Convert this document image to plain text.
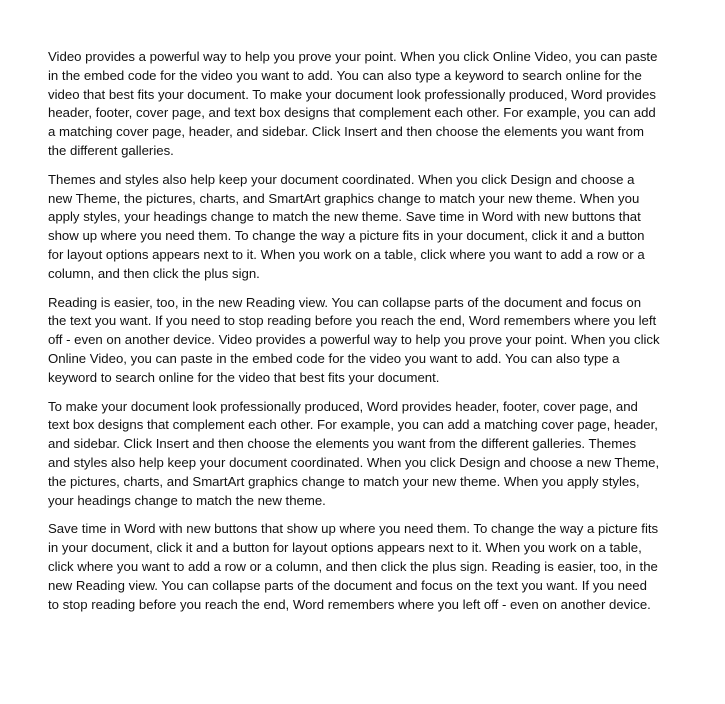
Video provides a powerful way to help you prove your point. When you click Online Video, you can paste in the embed code for the video you want to add. You can also type a keyword to search online for the video that best fits your document. To make your document look professionally produced, Word provides header, footer, cover page, and text box designs that complement each other. For example, you can add a matching cover page, header, and sidebar. Click Insert and then choose the elements you want from the different galleries.

Themes and styles also help keep your document coordinated. When you click Design and choose a new Theme, the pictures, charts, and SmartArt graphics change to match your new theme. When you apply styles, your headings change to match the new theme. Save time in Word with new buttons that show up where you need them. To change the way a picture fits in your document, click it and a button for layout options appears next to it. When you work on a table, click where you want to add a row or a column, and then click the plus sign.

Reading is easier, too, in the new Reading view. You can collapse parts of the document and focus on the text you want. If you need to stop reading before you reach the end, Word remembers where you left off - even on another device. Video provides a powerful way to help you prove your point. When you click Online Video, you can paste in the embed code for the video you want to add. You can also type a keyword to search online for the video that best fits your document.

To make your document look professionally produced, Word provides header, footer, cover page, and text box designs that complement each other. For example, you can add a matching cover page, header, and sidebar. Click Insert and then choose the elements you want from the different galleries. Themes and styles also help keep your document coordinated. When you click Design and choose a new Theme, the pictures, charts, and SmartArt graphics change to match your new theme. When you apply styles, your headings change to match the new theme.

Save time in Word with new buttons that show up where you need them. To change the way a picture fits in your document, click it and a button for layout options appears next to it. When you work on a table, click where you want to add a row or a column, and then click the plus sign. Reading is easier, too, in the new Reading view. You can collapse parts of the document and focus on the text you want. If you need to stop reading before you reach the end, Word remembers where you left off - even on another device.
